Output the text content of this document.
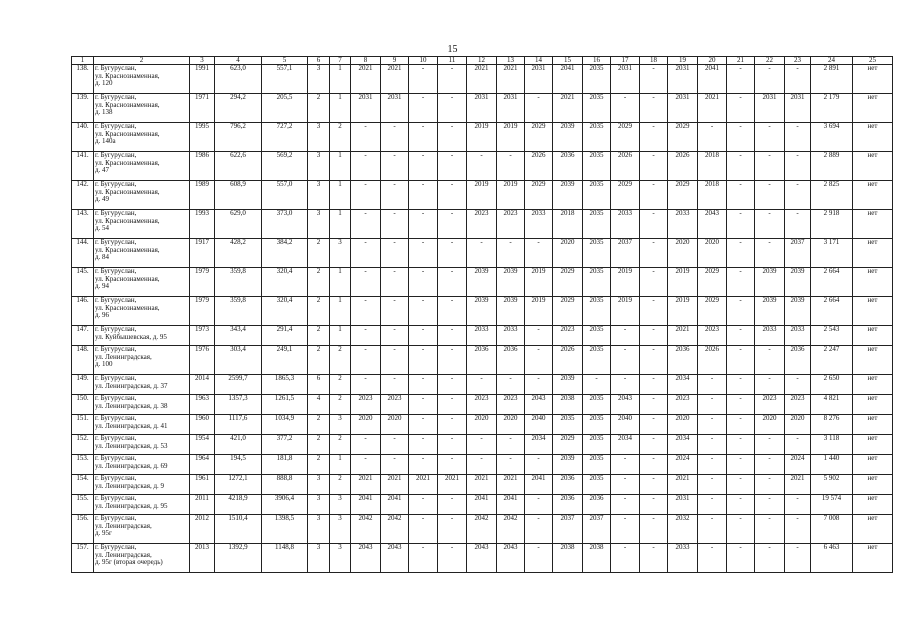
15
1	2	3	4	5	6	7	8	9	10	11	12	13	14	15	16	17	18	19	20	21	22	23	24	25
138.	г. Бугуруслан,
ул. Краснознаменная,
д. 120	1991	623,0	557,1	3	1	2021	2021	-	-	2021	2021	2031	2041	2035	2031	-	2031	2041	-	-	-	2 891	нет
139.	г. Бугуруслан,
ул. Краснознаменная,
д. 138	1971	294,2	205,5	2	1	2031	2031	-	-	2031	2031	-	2021	2035	-	-	2031	2021	-	2031	2031	2 179	нет
140.	г. Бугуруслан,
ул. Краснознаменная,
д. 140а	1995	796,2	727,2	3	2	-	-	-	-	2019	2019	2029	2039	2035	2029	-	2029	-	-	-	-	3 694	нет
141.	г. Бугуруслан,
ул. Краснознаменная,
д. 47	1986	622,6	569,2	3	1	-	-	-	-	-	-	2026	2036	2035	2026	-	2026	2018	-	-	-	2 889	нет
142.	г. Бугуруслан,
ул. Краснознаменная,
д. 49	1989	608,9	557,0	3	1	-	-	-	-	2019	2019	2029	2039	2035	2029	-	2029	2018	-	-	-	2 825	нет
143.	г. Бугуруслан,
ул. Краснознаменная,
д. 54	1993	629,0	373,0	3	1	-	-	-	-	2023	2023	2033	2018	2035	2033	-	2033	2043	-	-	-	2 918	нет
144.	г. Бугуруслан,
ул. Краснознаменная,
д. 84	1917	428,2	384,2	2	3	-	-	-	-	-	-	-	2020	2035	2037	-	2020	2020	-	-	2037	3 171	нет
145.	г. Бугуруслан,
ул. Краснознаменная,
д. 94	1979	359,8	320,4	2	1	-	-	-	-	2039	2039	2019	2029	2035	2019	-	2019	2029	-	2039	2039	2 664	нет
146.	г. Бугуруслан,
ул. Краснознаменная,
д. 96	1979	359,8	320,4	2	1	-	-	-	-	2039	2039	2019	2029	2035	2019	-	2019	2029	-	2039	2039	2 664	нет
147.	г. Бугуруслан,
ул. Куйбышевская, д. 95	1973	343,4	291,4	2	1	-	-	-	-	2033	2033	-	2023	2035	-	-	2021	2023	-	2033	2033	2 543	нет
148.	г. Бугуруслан,
ул. Ленинградская,
д. 100	1976	303,4	249,1	2	2	-	-	-	-	2036	2036	-	2026	2035	-	-	2036	2026	-	-	2036	2 247	нет
149.	г. Бугуруслан,
ул. Ленинградская, д. 37	2014	2599,7	1865,3	6	2	-	-	-	-	-	-	-	2039	-	-	-	2034	-	-	-	-	2 650	нет
150.	г. Бугуруслан,
ул. Ленинградская, д. 38	1963	1357,3	1261,5	4	2	2023	2023	-	-	2023	2023	2043	2038	2035	2043	-	2023	-	-	2023	2023	4 821	нет
151.	г. Бугуруслан,
ул. Ленинградская, д. 41	1960	1117,6	1034,9	2	3	2020	2020	-	-	2020	2020	2040	2035	2035	2040	-	2020	-	-	2020	2020	8 276	нет
152.	г. Бугуруслан,
ул. Ленинградская, д. 53	1954	421,0	377,2	2	2	-	-	-	-	-	-	2034	2029	2035	2034	-	2034	-	-	-	-	3 118	нет
153.	г. Бугуруслан,
ул. Ленинградская, д. 69	1964	194,5	181,8	2	1	-	-	-	-	-	-	-	2039	2035	-	-	2024	-	-	-	2024	1 440	нет
154.	г. Бугуруслан,
ул. Ленинградская, д. 9	1961	1272,1	888,8	3	2	2021	2021	2021	2021	2021	2021	2041	2036	2035	-	-	2021	-	-	-	2021	5 902	нет
155.	г. Бугуруслан,
ул. Ленинградская, д. 95	2011	4218,9	3906,4	3	3	2041	2041	-	-	2041	2041	-	2036	2036	-	-	2031	-	-	-	-	19 574	нет
156.	г. Бугуруслан,
ул. Ленинградская,
д. 95г	2012	1510,4	1398,5	3	3	2042	2042	-	-	2042	2042	-	2037	2037	-	-	2032	-	-	-	-	7 008	нет
157.	г. Бугуруслан,
ул. Ленинградская,
д. 95г (вторая очередь)	2013	1392,9	1148,8	3	3	2043	2043	-	-	2043	2043	-	2038	2038	-	-	2033	-	-	-	-	6 463	нет
